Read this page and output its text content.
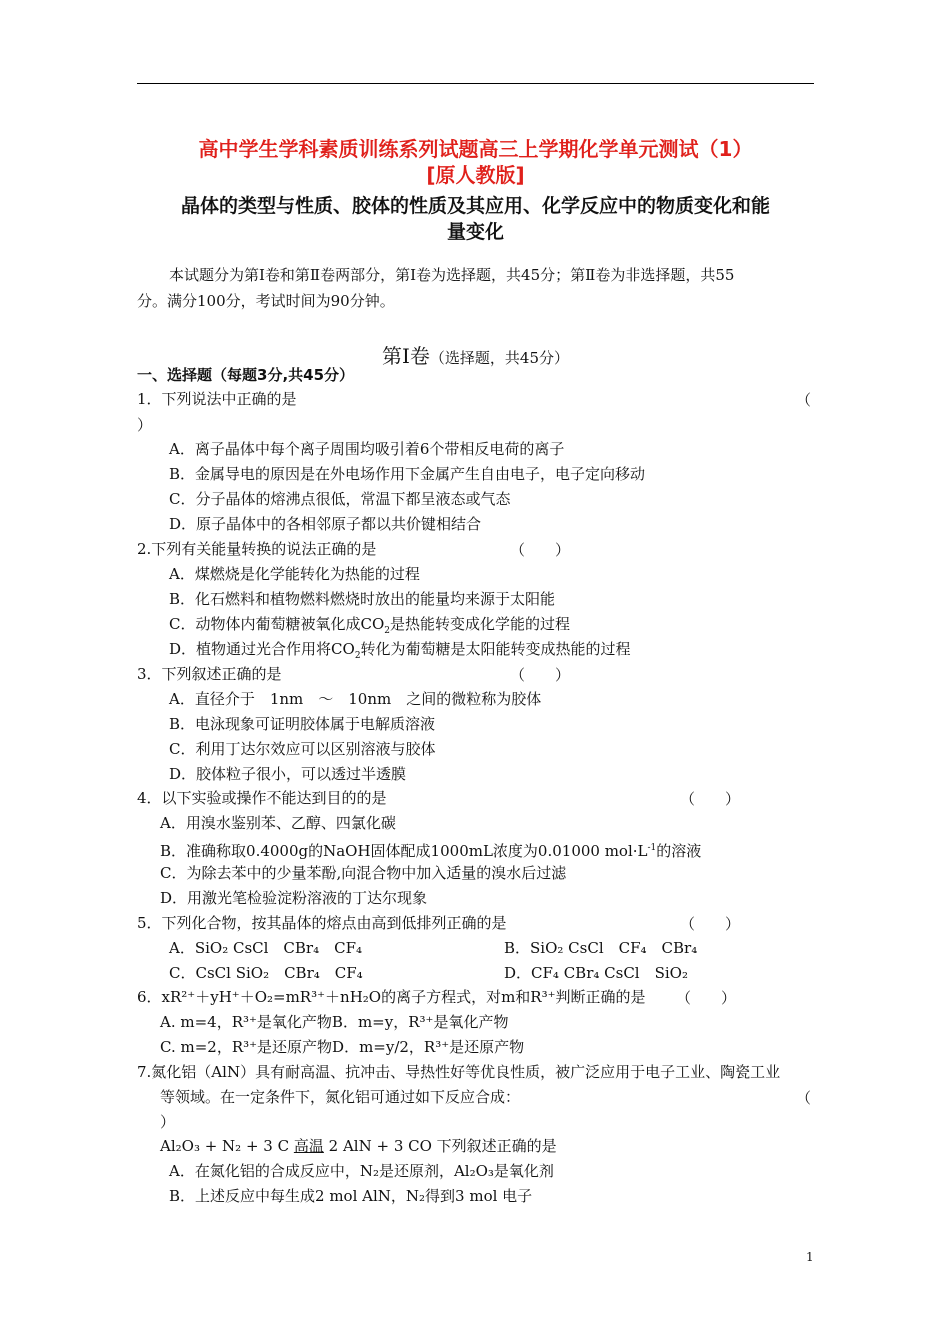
高中学生学科素质训练系列试题高三上学期化学单元测试（1）
[原人教版]
晶体的类型与性质、胶体的性质及其应用、化学反应中的物质变化和能
量变化
本试题分为第Ⅰ卷和第Ⅱ卷两部分，第Ⅰ卷为选择题，共45分；第Ⅱ卷为非选择题，共55
分。满分100分，考试时间为90分钟。
第Ⅰ卷（选择题，共45分）
一、选择题（每题3分,共45分）
1．下列说法中正确的是	（
）
A．离子晶体中每个离子周围均吸引着6个带相反电荷的离子
B．金属导电的原因是在外电场作用下金属产生自由电子，电子定向移动
C．分子晶体的熔沸点很低，常温下都呈液态或气态
D．原子晶体中的各相邻原子都以共价键相结合
2.下列有关能量转换的说法正确的是	（　　）
A．煤燃烧是化学能转化为热能的过程
B．化石燃料和植物燃料燃烧时放出的能量均来源于太阳能
C．动物体内葡萄糖被氧化成$CO_2$是热能转变成化学能的过程
D．植物通过光合作用将$CO_2$转化为葡萄糖是太阳能转变成热能的过程
3．下列叙述正确的是	（　　）
A．直径介于　1nm　～　10nm　之间的微粒称为胶体
B．电泳现象可证明胶体属于电解质溶液
C．利用丁达尔效应可以区别溶液与胶体
D．胶体粒子很小，可以透过半透膜
4．以下实验或操作不能达到目的的是	（　　）
A．用溴水鉴别苯、乙醇、四氯化碳
B．准确称取0.4000g的NaOH固体配成1000mL浓度为0.01000 $mol\cdot L^{-1}$的溶液
C．为除去苯中的少量苯酚,向混合物中加入适量的溴水后过滤
D．用激光笔检验淀粉溶液的丁达尔现象
5．下列化合物，按其晶体的熔点由高到低排列正确的是	（　　）
A．SiO₂ CsCl　CBr₄　CF₄	B．SiO₂ CsCl　CF₄　CBr₄
C．CsCl SiO₂　CBr₄　CF₄	D．CF₄ CBr₄ CsCl　SiO₂
6．xR²⁺＋yH⁺＋O₂=mR³⁺＋nH₂O的离子方程式，对m和R³⁺判断正确的是 （　　）
A. m=4，R³⁺是氧化产物B．m=y，R³⁺是氧化产物
C. m=2，R³⁺是还原产物D．m=y/2，R³⁺是还原产物
7.氮化铝（AlN）具有耐高温、抗冲击、导热性好等优良性质，被广泛应用于电子工业、陶瓷工业
等领域。在一定条件下，氮化铝可通过如下反应合成：	（
）
Al₂O₃ + N₂ + 3 C 高温 2 AlN + 3 CO 下列叙述正确的是
A．在氮化铝的合成反应中，N₂是还原剂，Al₂O₃是氧化剂
B．上述反应中每生成2 mol AlN，N₂得到3 mol 电子
1
